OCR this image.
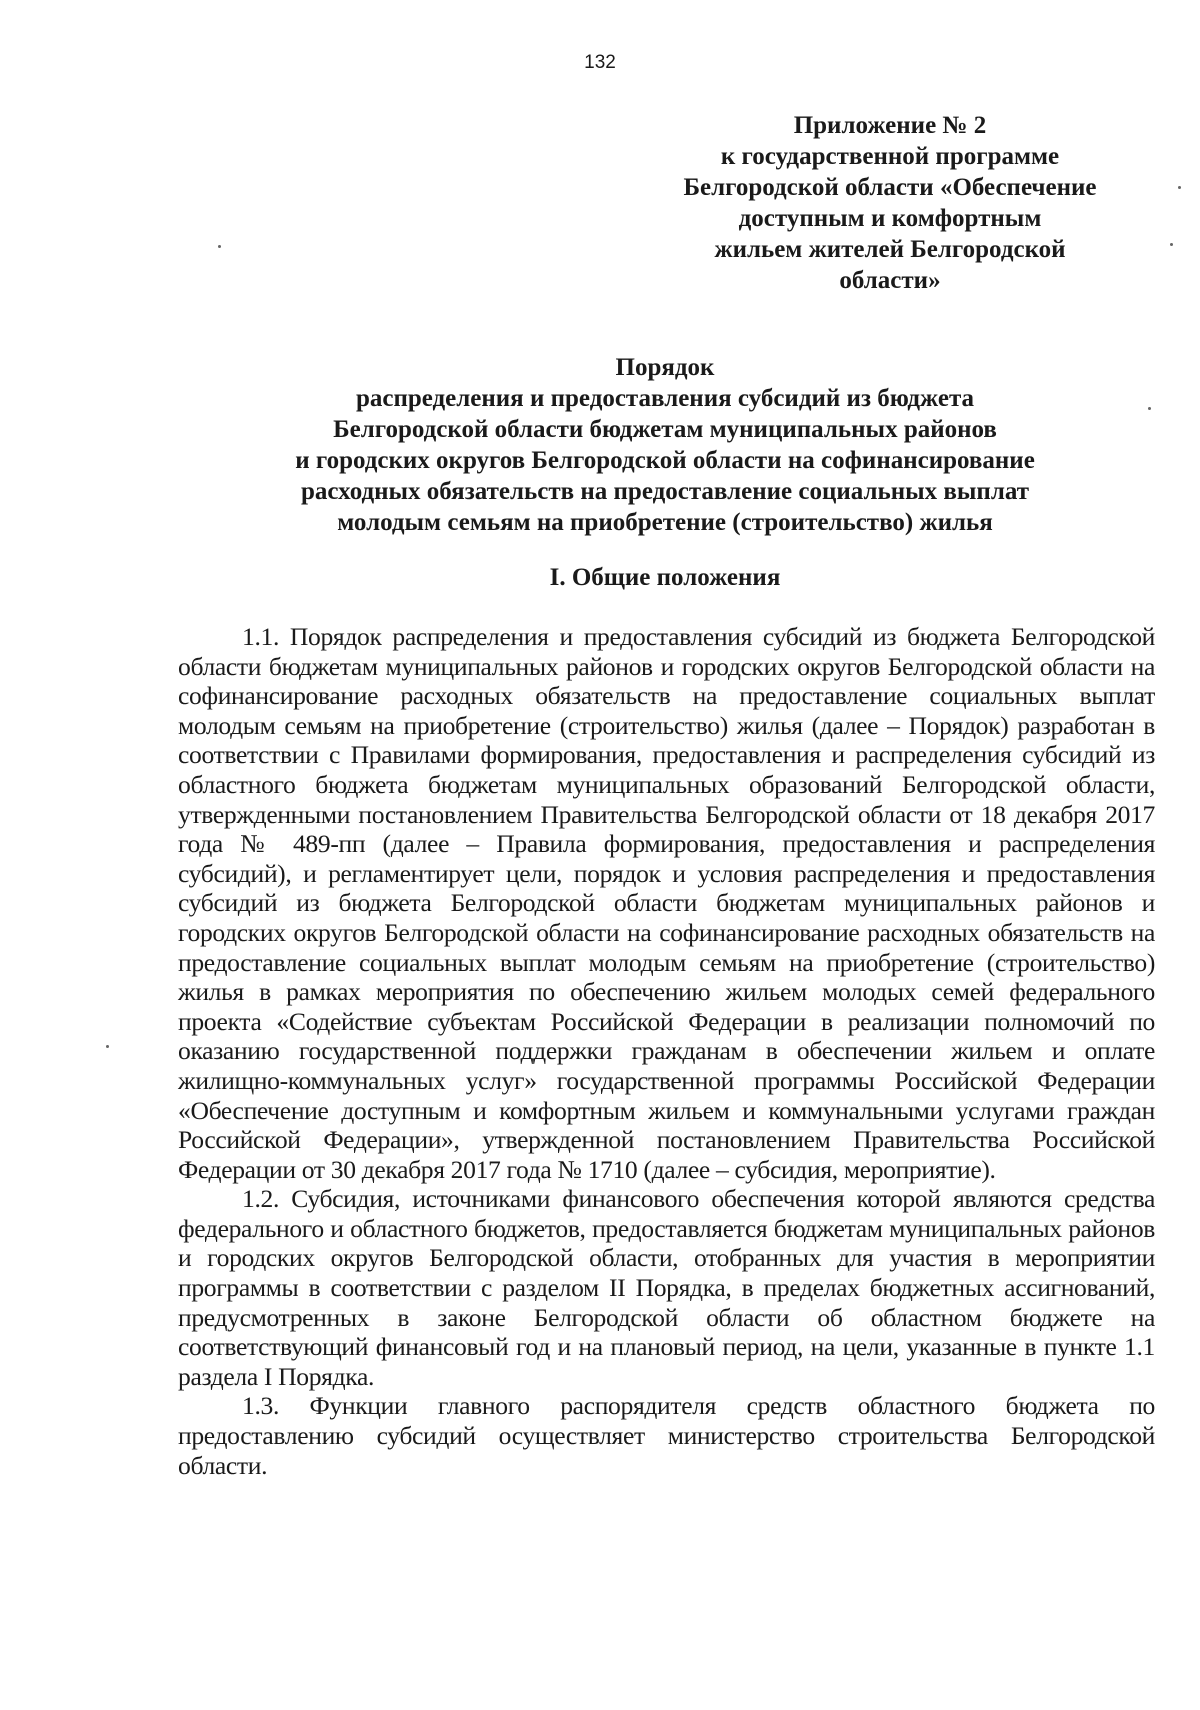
132
Приложение № 2
к государственной программе
Белгородской области «Обеспечение
доступным и комфортным
жильем жителей Белгородской
области»
Порядок
распределения и предоставления субсидий из бюджета
Белгородской области бюджетам муниципальных районов
и городских округов Белгородской области на софинансирование
расходных обязательств на предоставление социальных выплат
молодым семьям на приобретение (строительство) жилья
I. Общие положения

1.1. Порядок распределения и предоставления субсидий из бюджета Белгородской области бюджетам муниципальных районов и городских округов Белгородской области на софинансирование расходных обязательств на предоставление социальных выплат молодым семьям на приобретение (строительство) жилья (далее – Порядок) разработан в соответствии с Правилами формирования, предоставления и распределения субсидий из областного бюджета бюджетам муниципальных образований Белгородской области, утвержденными постановлением Правительства Белгородской области от 18 декабря 2017 года № 489-пп (далее – Правила формирования, предоставления и распределения субсидий), и регламентирует цели, порядок и условия распределения и предоставления субсидий из бюджета Белгородской области бюджетам муниципальных районов и городских округов Белгородской области на софинансирование расходных обязательств на предоставление социальных выплат молодым семьям на приобретение (строительство) жилья в рамках мероприятия по обеспечению жильем молодых семей федерального проекта «Содействие субъектам Российской Федерации в реализации полномочий по оказанию государственной поддержки гражданам в обеспечении жильем и оплате жилищно-коммунальных услуг» государственной программы Российской Федерации «Обеспечение доступным и комфортным жильем и коммунальными услугами граждан Российской Федерации», утвержденной постановлением Правительства Российской Федерации от 30 декабря 2017 года № 1710 (далее – субсидия, мероприятие).

1.2. Субсидия, источниками финансового обеспечения которой являются средства федерального и областного бюджетов, предоставляется бюджетам муниципальных районов и городских округов Белгородской области, отобранных для участия в мероприятии программы в соответствии с разделом II Порядка, в пределах бюджетных ассигнований, предусмотренных в законе Белгородской области об областном бюджете на соответствующий финансовый год и на плановый период, на цели, указанные в пункте 1.1 раздела I Порядка.

1.3. Функции главного распорядителя средств областного бюджета по предоставлению субсидий осуществляет министерство строительства Белгородской области.
